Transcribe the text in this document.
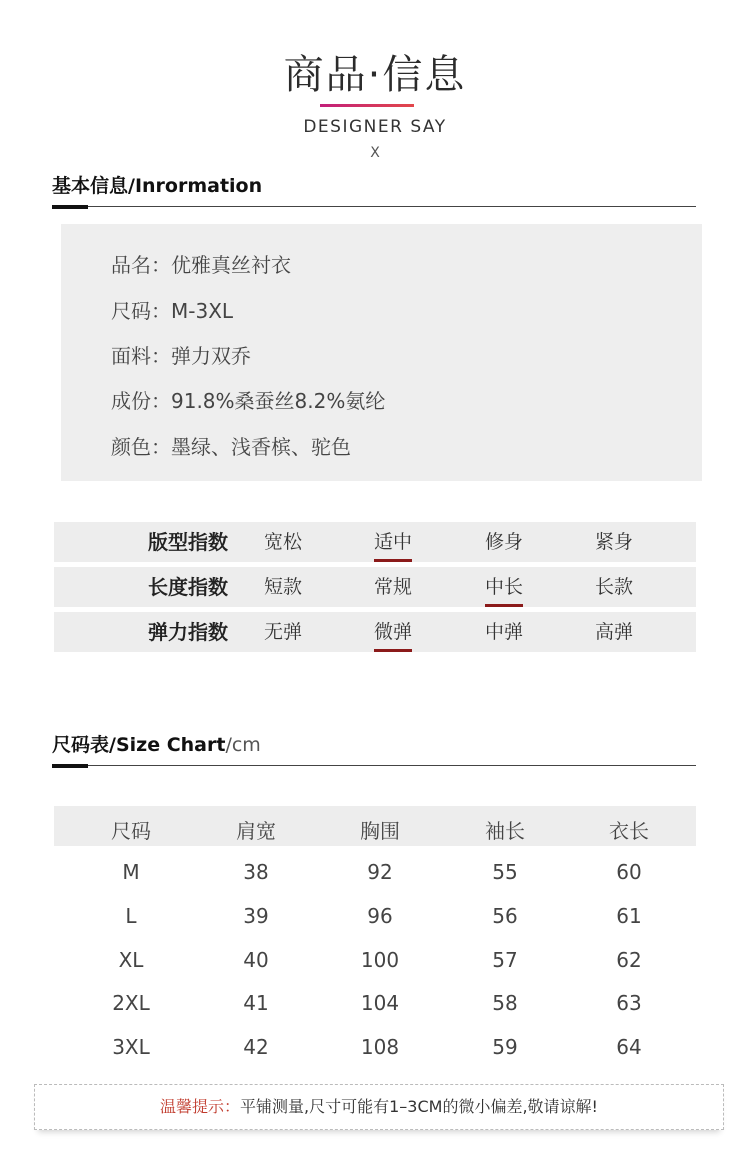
商品·信息
DESIGNER SAY
X
基本信息/Inrormation
品名：优雅真丝衬衣
尺码：M-3XL
面料：弹力双乔
成份：91.8%桑蚕丝8.2%氨纶
颜色：墨绿、浅香槟、驼色
版型指数 宽松	适中	修身	紧身
长度指数 短款	常规	中长	长款
弹力指数 无弹	微弹	中弹	高弹
尺码表/Size Chart/cm
尺码	肩宽	胸围	袖长	衣长
M	38	92	55	60
L	39	96	56	61
XL	40	100	57	62
2XL	41	104	58	63
3XL	42	108	59	64
温馨提示：平铺测量,尺寸可能有1–3CM的微小偏差,敬请谅解!
